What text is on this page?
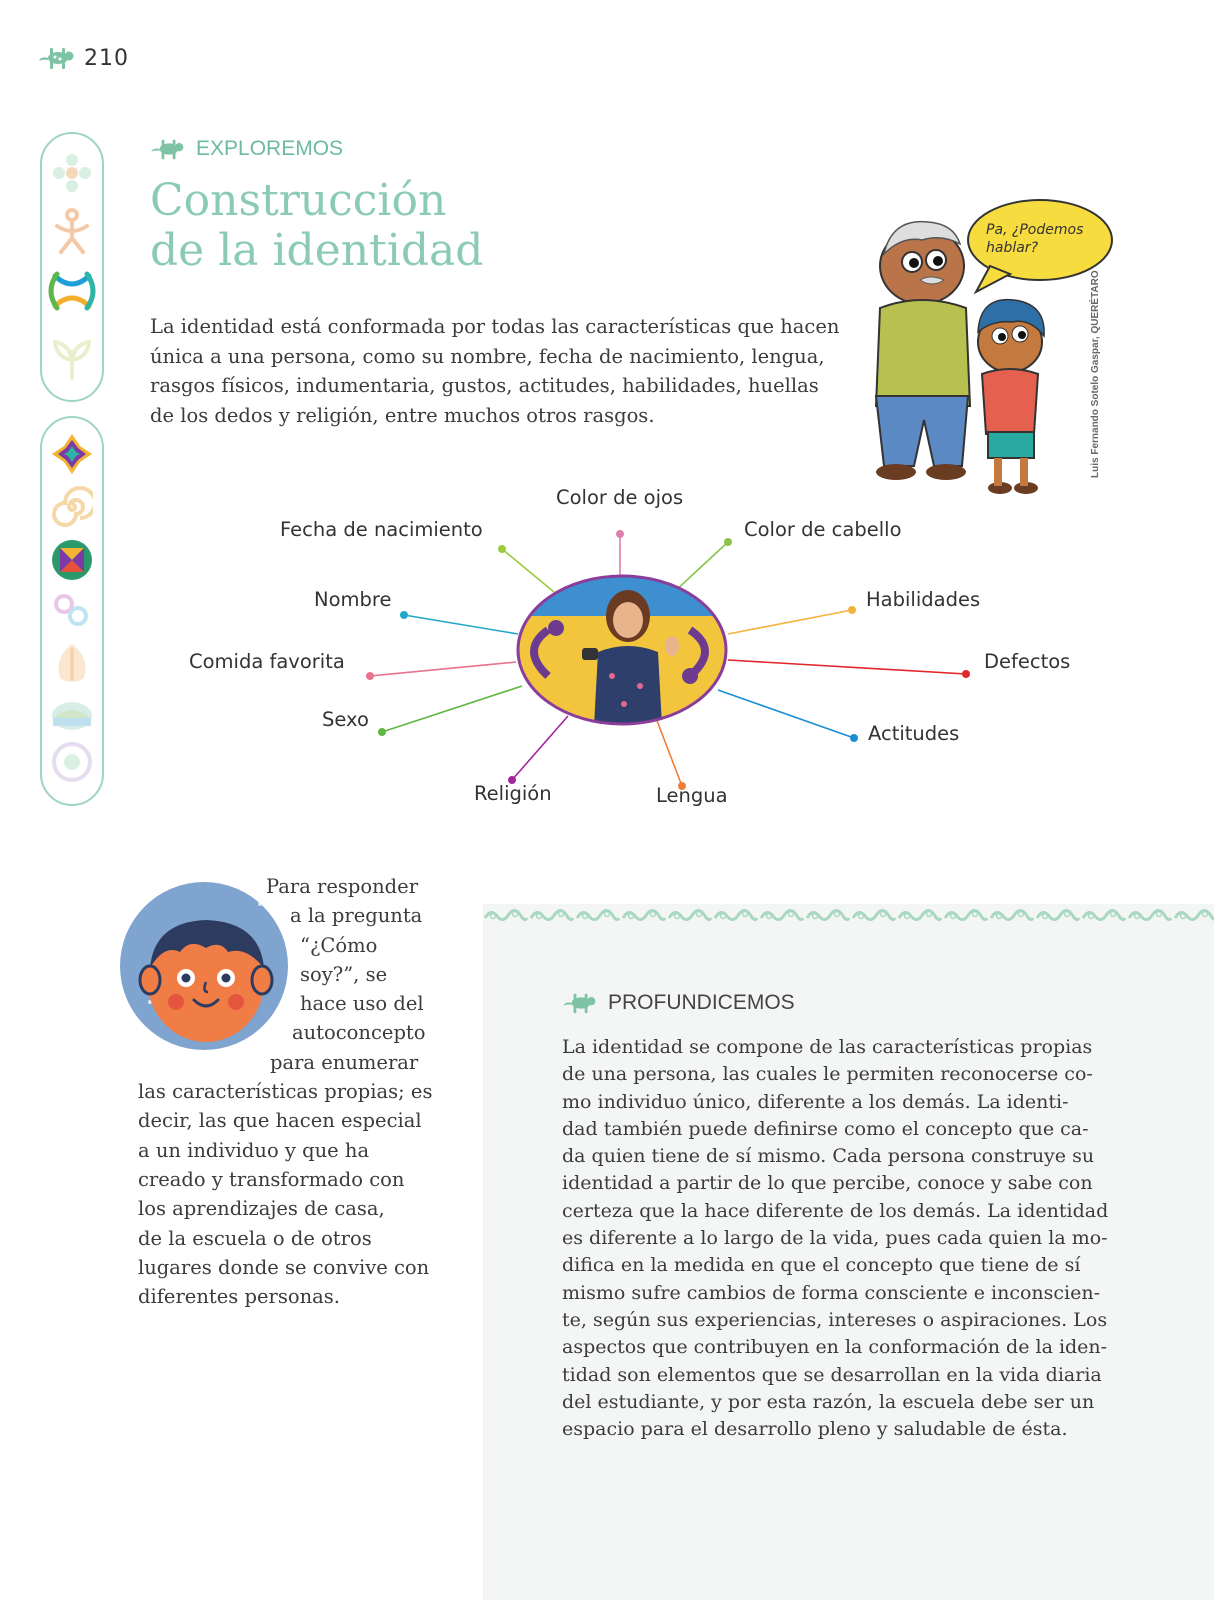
210
EXPLOREMOS
Construcción
de la identidad

La identidad está conformada por todas las características que hacen única a una persona, como su nombre, fecha de nacimiento, lengua, rasgos físicos, indumentaria, gustos, actitudes, habilidades, huellas de los dedos y religión, entre muchos otros rasgos.

Pa, ¿Podemos
hablar?
Luis Fernando Sotelo Gaspar, QUERÉTARO
Color de ojos
Fecha de nacimiento	Color de cabello
Nombre	Habilidades
Comida favorita	Defectos
Sexo
Actitudes
Religión	Lengua
Para responder
a la pregunta
“¿Cómo
soy?”, se
hace uso del
autoconcepto
para enumerar
las características propias; es
decir, las que hacen especial
a un individuo y que ha
creado y transformado con
los aprendizajes de casa,
de la escuela o de otros
lugares donde se convive con
diferentes personas.
PROFUNDICEMOS
La identidad se compone de las características propias
de una persona, las cuales le permiten reconocerse co-
mo individuo único, diferente a los demás. La identi-
dad también puede definirse como el concepto que ca-
da quien tiene de sí mismo. Cada persona construye su
identidad a partir de lo que percibe, conoce y sabe con
certeza que la hace diferente de los demás. La identidad
es diferente a lo largo de la vida, pues cada quien la mo-
difica en la medida en que el concepto que tiene de sí
mismo sufre cambios de forma consciente e inconscien-
te, según sus experiencias, intereses o aspiraciones. Los
aspectos que contribuyen en la conformación de la iden-
tidad son elementos que se desarrollan en la vida diaria
del estudiante, y por esta razón, la escuela debe ser un
espacio para el desarrollo pleno y saludable de ésta.
